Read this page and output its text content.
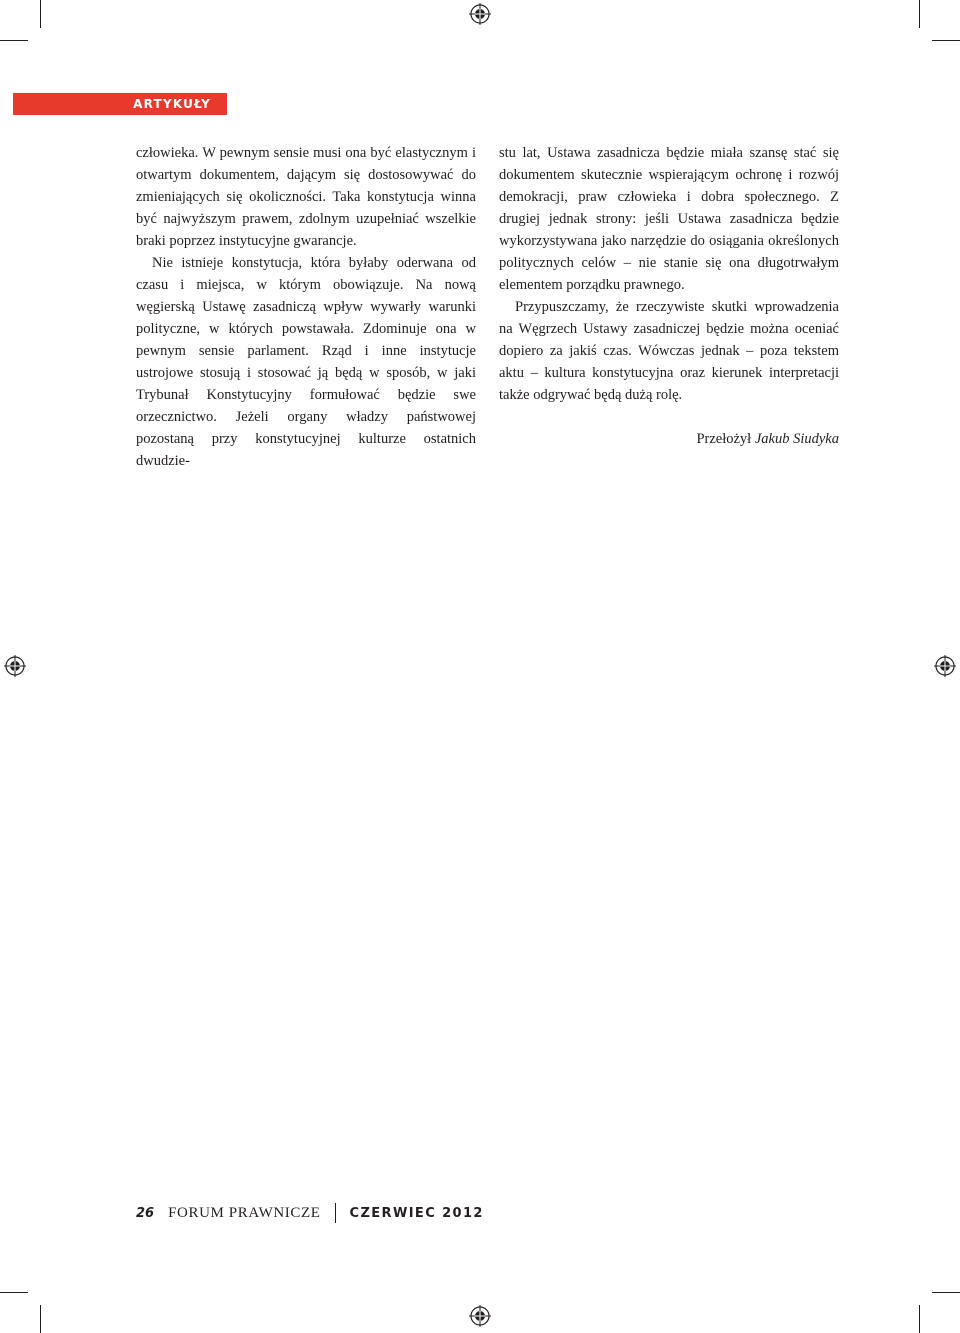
ARTYKUŁY

człowieka. W pewnym sensie musi ona być elastycznym i otwartym dokumentem, dającym się dostosowywać do zmieniających się okoliczności. Taka konstytucja winna być najwyższym prawem, zdolnym uzupełniać wszelkie braki poprzez instytucyjne gwarancje.

Nie istnieje konstytucja, która byłaby oderwana od czasu i miejsca, w którym obowiązuje. Na nową węgierską Ustawę zasadniczą wpływ wywarły warunki polityczne, w których powstawała. Zdominuje ona w pewnym sensie parlament. Rząd i inne instytucje ustrojowe stosują i stosować ją będą w sposób, w jaki Trybunał Konstytucyjny formułować będzie swe orzecznictwo. Jeżeli organy władzy państwowej pozostaną przy konstytucyjnej kulturze ostatnich dwudzie-

stu lat, Ustawa zasadnicza będzie miała szansę stać się dokumentem skutecznie wspierającym ochronę i rozwój demokracji, praw człowieka i dobra społecznego. Z drugiej jednak strony: jeśli Ustawa zasadnicza będzie wykorzystywana jako narzędzie do osiągania określonych politycznych celów – nie stanie się ona długotrwałym elementem porządku prawnego.

Przypuszczamy, że rzeczywiste skutki wprowadzenia na Węgrzech Ustawy zasadniczej będzie można oceniać dopiero za jakiś czas. Wówczas jednak – poza tekstem aktu – kultura konstytucyjna oraz kierunek interpretacji także odgrywać będą dużą rolę.

Przełożył Jakub Siudyka
26 FORUM PRAWNICZE CZERWIEC 2012
